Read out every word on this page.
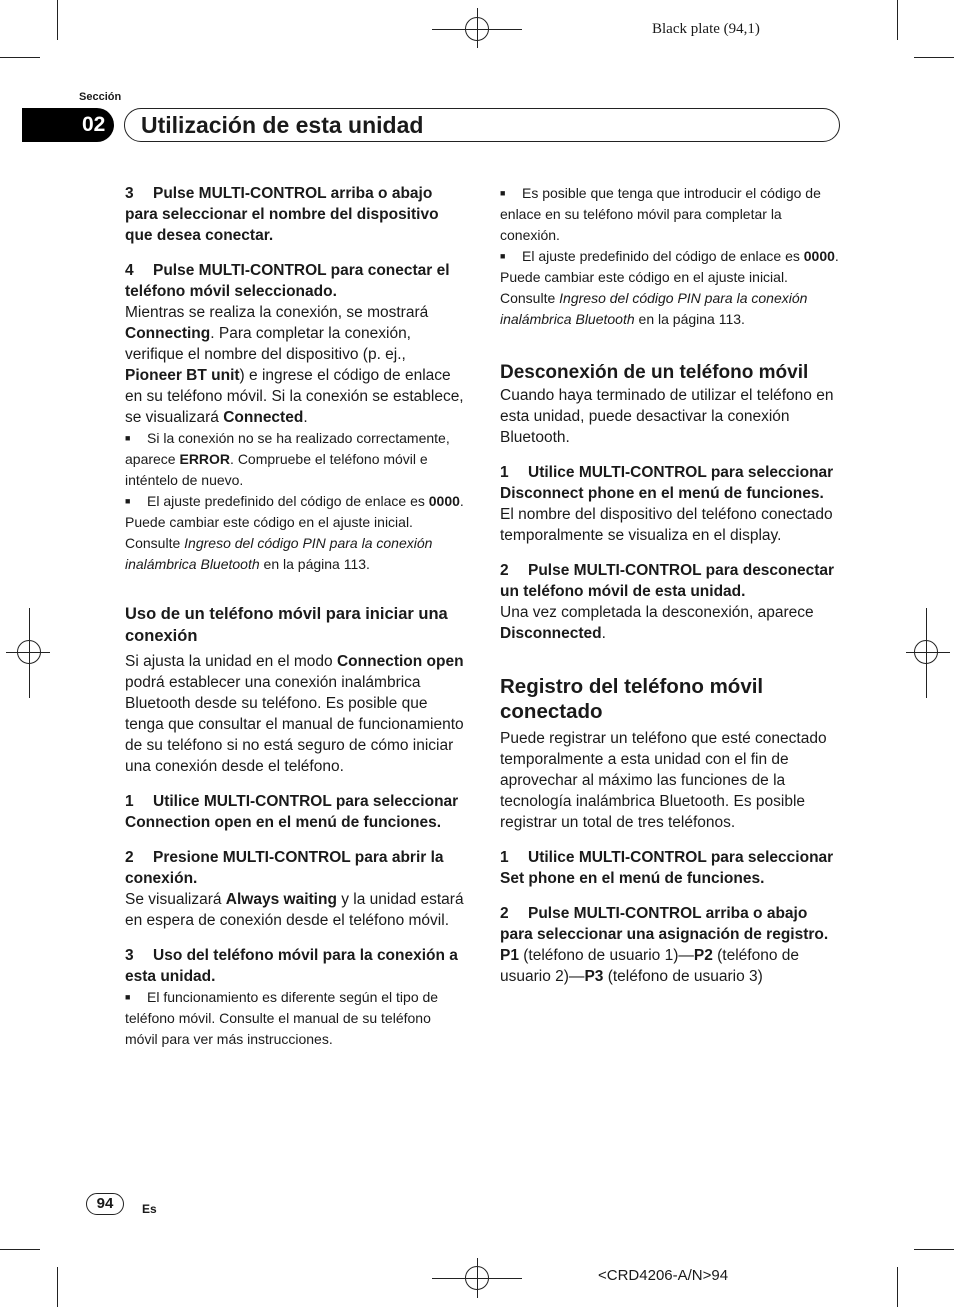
Black plate (94,1)
Sección
02	Utilización de esta unidad

3 Pulse MULTI-CONTROL arriba o abajo para seleccionar el nombre del dispositivo que desea conectar.

4 Pulse MULTI-CONTROL para conectar el teléfono móvil seleccionado.

Mientras se realiza la conexión, se mostrará Connecting. Para completar la conexión, verifique el nombre del dispositivo (p. ej., Pioneer BT unit) e ingrese el código de enlace en su teléfono móvil. Si la conexión se establece, se visualizará Connected.

■ Si la conexión no se ha realizado correctamente, aparece ERROR. Compruebe el teléfono móvil e inténtelo de nuevo.

■ El ajuste predefinido del código de enlace es 0000. Puede cambiar este código en el ajuste inicial. Consulte Ingreso del código PIN para la conexión inalámbrica Bluetooth en la página 113.

Uso de un teléfono móvil para iniciar una conexión

Si ajusta la unidad en el modo Connection open podrá establecer una conexión inalámbrica Bluetooth desde su teléfono. Es posible que tenga que consultar el manual de funcionamiento de su teléfono si no está seguro de cómo iniciar una conexión desde el teléfono.

1 Utilice MULTI-CONTROL para seleccionar Connection open en el menú de funciones.

2 Presione MULTI-CONTROL para abrir la conexión.

Se visualizará Always waiting y la unidad estará en espera de conexión desde el teléfono móvil.

3 Uso del teléfono móvil para la conexión a esta unidad.

■ El funcionamiento es diferente según el tipo de teléfono móvil. Consulte el manual de su teléfono móvil para ver más instrucciones.

■ Es posible que tenga que introducir el código de enlace en su teléfono móvil para completar la conexión.

■ El ajuste predefinido del código de enlace es 0000. Puede cambiar este código en el ajuste inicial. Consulte Ingreso del código PIN para la conexión inalámbrica Bluetooth en la página 113.

Desconexión de un teléfono móvil

Cuando haya terminado de utilizar el teléfono en esta unidad, puede desactivar la conexión Bluetooth.

1 Utilice MULTI-CONTROL para seleccionar Disconnect phone en el menú de funciones.

El nombre del dispositivo del teléfono conectado temporalmente se visualiza en el display.

2 Pulse MULTI-CONTROL para desconectar un teléfono móvil de esta unidad.

Una vez completada la desconexión, aparece Disconnected.

Registro del teléfono móvil conectado

Puede registrar un teléfono que esté conectado temporalmente a esta unidad con el fin de aprovechar al máximo las funciones de la tecnología inalámbrica Bluetooth. Es posible registrar un total de tres teléfonos.

1 Utilice MULTI-CONTROL para seleccionar Set phone en el menú de funciones.

2 Pulse MULTI-CONTROL arriba o abajo para seleccionar una asignación de registro.

P1 (teléfono de usuario 1)—P2 (teléfono de usuario 2)—P3 (teléfono de usuario 3)

94	Es
<CRD4206-A/N>94
